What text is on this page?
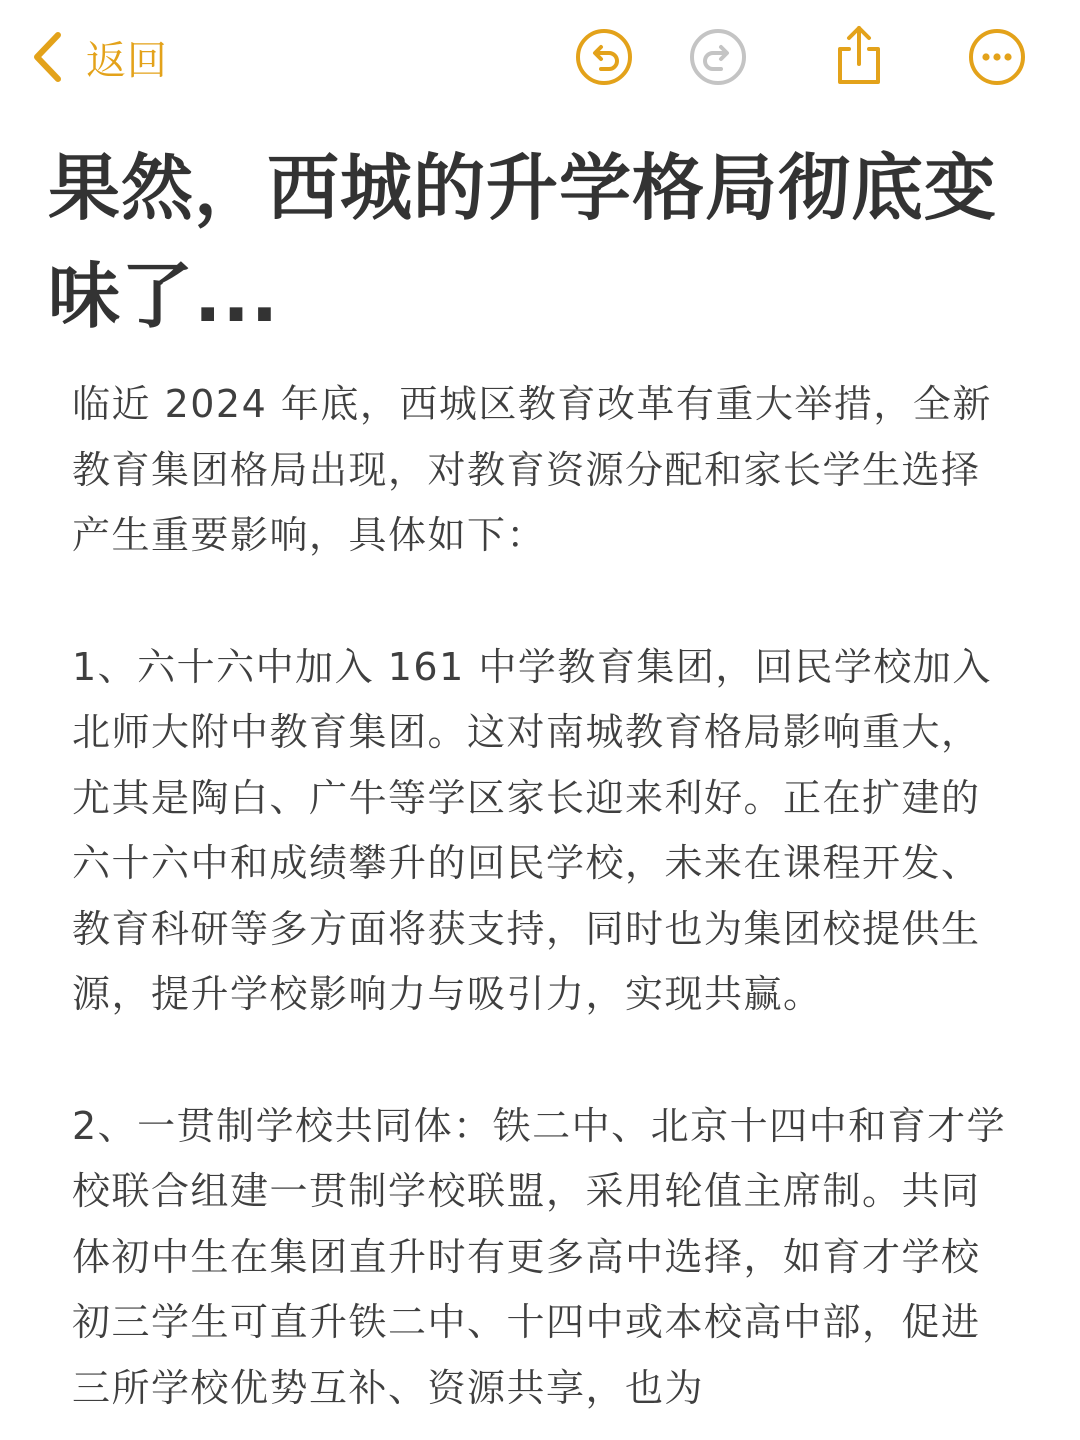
返回
果然，西城的升学格局彻底变味了...

临近 2024 年底，西城区教育改革有重大举措，全新教育集团格局出现，对教育资源分配和家长学生选择产生重要影响，具体如下：

1、六十六中加入 161 中学教育集团，回民学校加入北师大附中教育集团。这对南城教育格局影响重大，尤其是陶白、广牛等学区家长迎来利好。正在扩建的六十六中和成绩攀升的回民学校，未来在课程开发、教育科研等多方面将获支持，同时也为集团校提供生源，提升学校影响力与吸引力，实现共赢。

2、一贯制学校共同体：铁二中、北京十四中和育才学校联合组建一贯制学校联盟，采用轮值主席制。共同体初中生在集团直升时有更多高中选择，如育才学校初三学生可直升铁二中、十四中或本校高中部，促进三所学校优势互补、资源共享，也为
